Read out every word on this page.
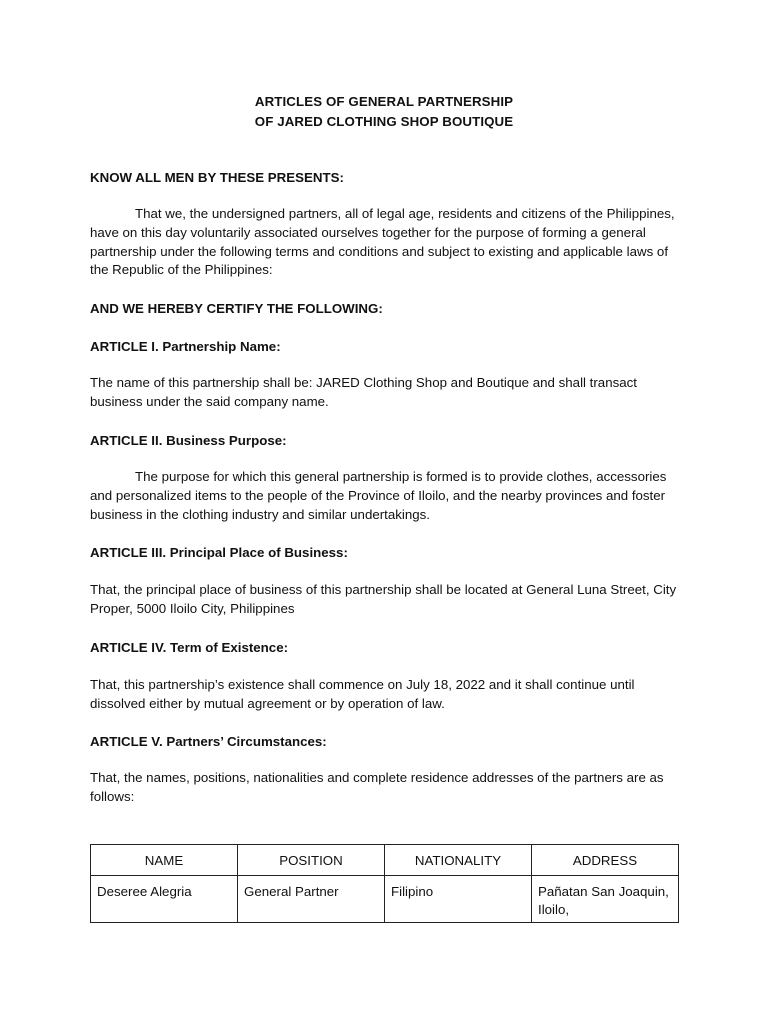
ARTICLES OF GENERAL PARTNERSHIP
OF JARED CLOTHING SHOP BOUTIQUE
KNOW ALL MEN BY THESE PRESENTS:
That we, the undersigned partners, all of legal age, residents and citizens of the Philippines, have on this day voluntarily associated ourselves together for the purpose of forming a general partnership under the following terms and conditions and subject to existing and applicable laws of the Republic of the Philippines:
AND WE HEREBY CERTIFY THE FOLLOWING:
ARTICLE I. Partnership Name:
The name of this partnership shall be: JARED Clothing Shop and Boutique and shall transact business under the said company name.
ARTICLE II. Business Purpose:
The purpose for which this general partnership is formed is to provide clothes, accessories and personalized items to the people of the Province of Iloilo, and the nearby provinces and foster business in the clothing industry and similar undertakings.
ARTICLE III. Principal Place of Business:
That, the principal place of business of this partnership shall be located at General Luna Street, City Proper, 5000 Iloilo City, Philippines
ARTICLE IV. Term of Existence:
That, this partnership’s existence shall commence on July 18, 2022 and it shall continue until dissolved either by mutual agreement or by operation of law.
ARTICLE V. Partners’ Circumstances:
That, the names, positions, nationalities and complete residence addresses of the partners are as follows:
NAME	POSITION	NATIONALITY	ADDRESS
Deseree Alegria	General Partner	Filipino	Pañatan San Joaquin, Iloilo,
